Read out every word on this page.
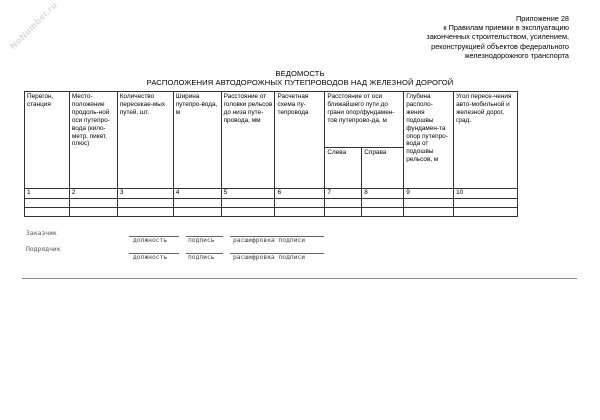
NoNumber.ru	Приложение 28
к Правилам приемки в эксплуатацию
законченных строительством, усилением,
реконструкцией объектов федерального
железнодорожного транспорта
ВЕДОМОСТЬ
РАСПОЛОЖЕНИЯ АВТОДОРОЖНЫХ ПУТЕПРОВОДОВ НАД ЖЕЛЕЗНОЙ ДОРОГОЙ
Перегон, станция	Место-положение продоль-ной оси путепро-вода (кило-метр, пикет, плюс)	Количество пересекае-мых путей, шт.	Ширина путепро-вода, м	Расстояние от головки рельсов до низа путе-провода, мм	Расчетная схема пу-тепровода	Расстояние от оси ближайшего пути до грани опор/фундамен-тов путепрово-да, м		Глубина располо-жения подошвы фундамен-та опор путепро-вода от подошвы рельсов, м	Угол пересе-чения авто-мобильной и железной дорог, град.
						Слева	Справа		
1	2	3	4	5	6	7	8	9	10

Заказчик
должность	подпись	расшифровка подписи
Подрядчик
должность	подпись	расшифровка подписи
